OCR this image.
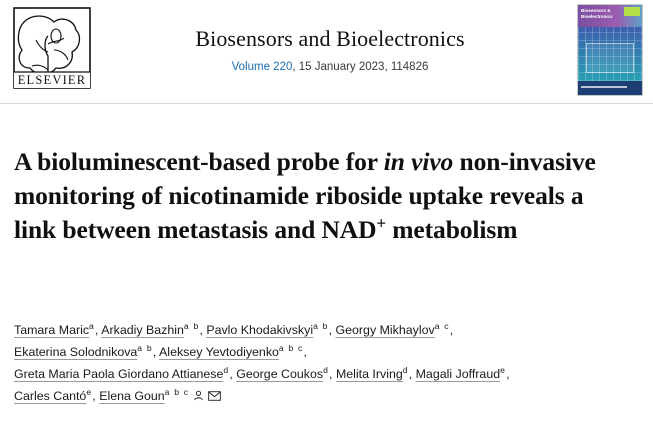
ELSEVIER
Biosensors and Bioelectronics
Volume 220, 15 January 2023, 114826
Biosensors & Bioelectronics
A bioluminescent-based probe for in vivo non-invasive monitoring of nicotinamide riboside uptake reveals a link between metastasis and NAD+ metabolism
Tamara Maric$^a$, Arkadiy Bazhin$^{a b}$, Pavlo Khodakivskyi$^{a b}$, Georgy Mikhaylov$^{a c}$,
Ekaterina Solodnikova$^{a b}$, Aleksey Yevtodiyenko$^{a b c}$,
Greta Maria Paola Giordano Attianese$^d$, George Coukos$^d$, Melita Irving$^d$, Magali Joffraud$^e$,
Carles Cantó$^e$, Elena Goun$^{a b c}$
